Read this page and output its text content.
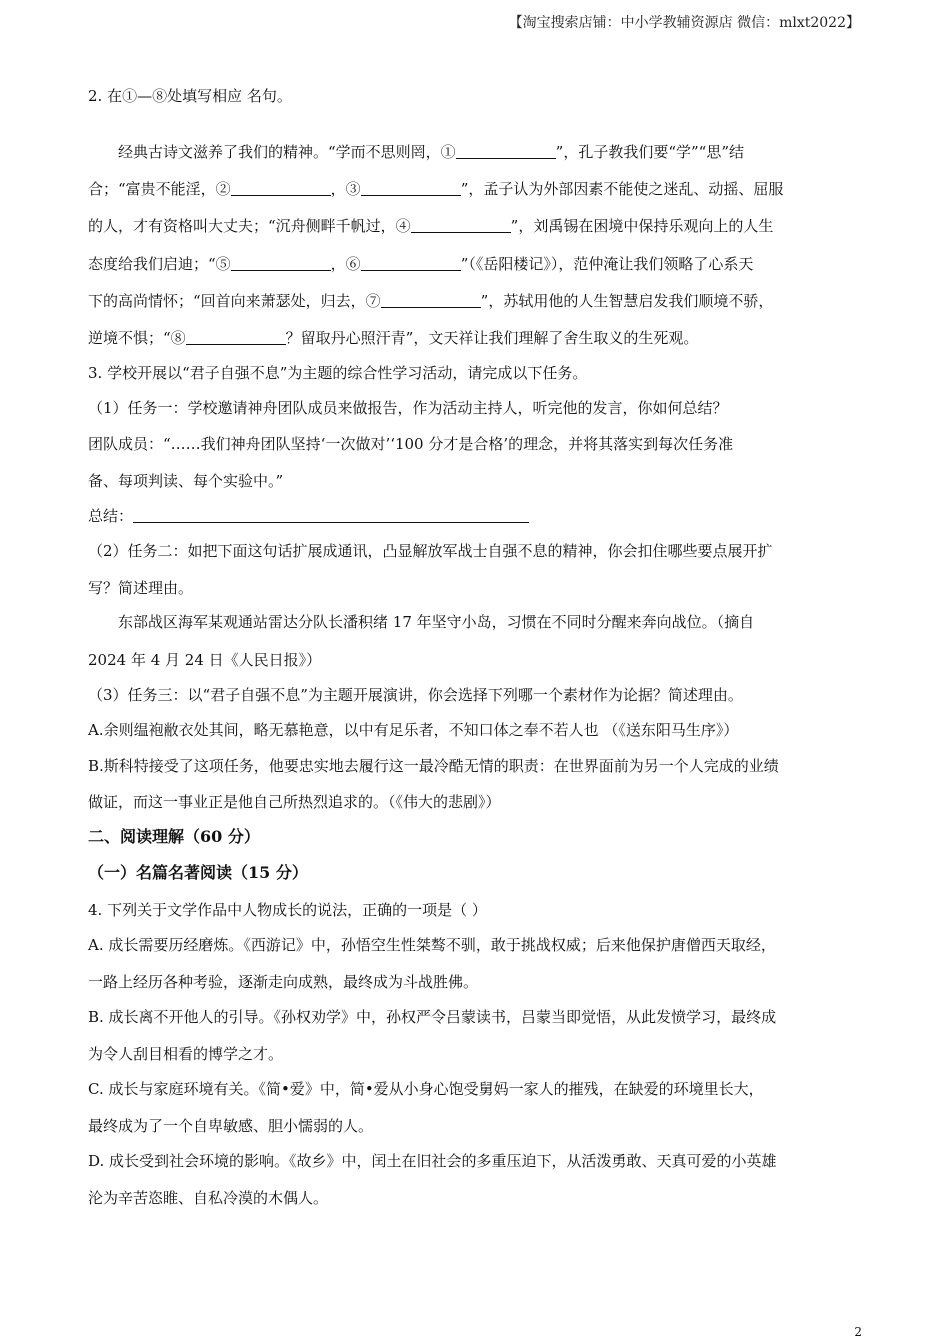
【淘宝搜索店铺：中小学教辅资源店 微信：mlxt2022】
2. 在①—⑧处填写相应 名句。
经典古诗文滋养了我们的精神。“学而不思则罔，①	”，孔子教我们要“学”“思”结
合；“富贵不能淫，②	，③	”，孟子认为外部因素不能使之迷乱、动摇、屈服
的人，才有资格叫大丈夫；“沉舟侧畔千帆过，④	”，刘禹锡在困境中保持乐观向上的人生
态度给我们启迪；“⑤	，⑥	”（《岳阳楼记》），范仲淹让我们领略了心系天
下的高尚情怀；“回首向来萧瑟处，归去，⑦	”，苏轼用他的人生智慧启发我们顺境不骄，
逆境不惧；“⑧	？留取丹心照汗青”，文天祥让我们理解了舍生取义的生死观。
3. 学校开展以“君子自强不息”为主题的综合性学习活动，请完成以下任务。
（1）任务一：学校邀请神舟团队成员来做报告，作为活动主持人，听完他的发言，你如何总结？
团队成员：“……我们神舟团队坚持‘一次做对’‘100 分才是合格’的理念，并将其落实到每次任务准
备、每项判读、每个实验中。”
总结：
（2）任务二：如把下面这句话扩展成通讯，凸显解放军战士自强不息的精神，你会扣住哪些要点展开扩
写？简述理由。
东部战区海军某观通站雷达分队长潘积绪 17 年坚守小岛，习惯在不同时分醒来奔向战位。（摘自
2024 年 4 月 24 日《人民日报》）
（3）任务三：以“君子自强不息”为主题开展演讲，你会选择下列哪一个素材作为论据？简述理由。
A.余则缊袍敝衣处其间，略无慕艳意，以中有足乐者，不知口体之奉不若人也 （《送东阳马生序》）
B.斯科特接受了这项任务，他要忠实地去履行这一最冷酷无情的职责：在世界面前为另一个人完成的业绩
做证，而这一事业正是他自己所热烈追求的。（《伟大的悲剧》）
二、阅读理解（60 分）
（一）名篇名著阅读（15 分）
4. 下列关于文学作品中人物成长的说法，正确的一项是（ ）
A. 成长需要历经磨炼。《西游记》中，孙悟空生性桀骜不驯，敢于挑战权威；后来他保护唐僧西天取经，
一路上经历各种考验，逐渐走向成熟，最终成为斗战胜佛。
B. 成长离不开他人的引导。《孙权劝学》中，孙权严令吕蒙读书，吕蒙当即觉悟，从此发愤学习，最终成
为令人刮目相看的博学之才。
C. 成长与家庭环境有关。《简•爱》中，简•爱从小身心饱受舅妈一家人的摧残，在缺爱的环境里长大，
最终成为了一个自卑敏感、胆小懦弱的人。
D. 成长受到社会环境的影响。《故乡》中，闰土在旧社会的多重压迫下，从活泼勇敢、天真可爱的小英雄
沦为辛苦恣睢、自私冷漠的木偶人。
2
